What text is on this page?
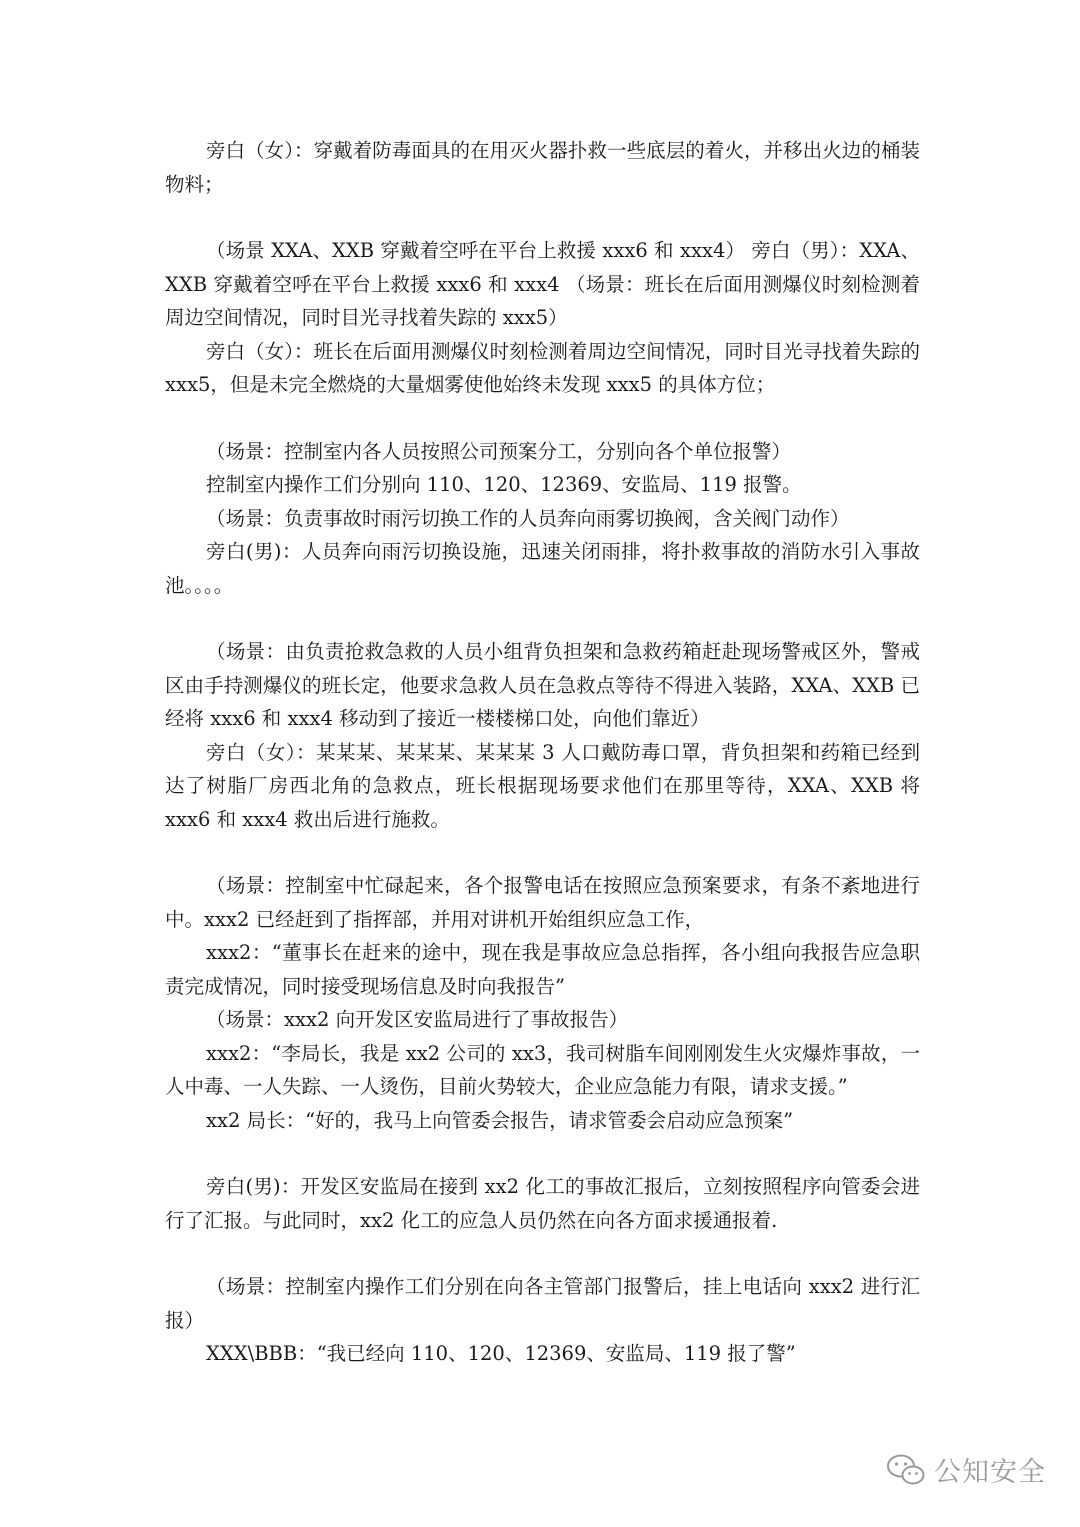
旁白（女）：穿戴着防毒面具的在用灭火器扑救一些底层的着火，并移出火边的桶装物料；

（场景 XXA、XXB 穿戴着空呼在平台上救援 xxx6 和 xxx4） 旁白（男）：XXA、XXB 穿戴着空呼在平台上救援 xxx6 和 xxx4 （场景：班长在后面用测爆仪时刻检测着周边空间情况，同时目光寻找着失踪的 xxx5）

旁白（女）：班长在后面用测爆仪时刻检测着周边空间情况，同时目光寻找着失踪的 xxx5，但是未完全燃烧的大量烟雾使他始终未发现 xxx5 的具体方位；

（场景：控制室内各人员按照公司预案分工，分别向各个单位报警）

控制室内操作工们分别向 110、120、12369、安监局、119 报警。

（场景：负责事故时雨污切换工作的人员奔向雨雾切换阀，含关阀门动作）

旁白(男)：人员奔向雨污切换设施，迅速关闭雨排，将扑救事故的消防水引入事故池。。。。

（场景：由负责抢救急救的人员小组背负担架和急救药箱赶赴现场警戒区外，警戒区由手持测爆仪的班长定，他要求急救人员在急救点等待不得进入装路，XXA、XXB 已经将 xxx6 和 xxx4 移动到了接近一楼楼梯口处，向他们靠近）

旁白（女）：某某某、某某某、某某某 3 人口戴防毒口罩，背负担架和药箱已经到达了树脂厂房西北角的急救点，班长根据现场要求他们在那里等待，XXA、XXB 将 xxx6 和 xxx4 救出后进行施救。

（场景：控制室中忙碌起来，各个报警电话在按照应急预案要求，有条不紊地进行中。xxx2 已经赶到了指挥部，并用对讲机开始组织应急工作，

xxx2：“董事长在赶来的途中，现在我是事故应急总指挥，各小组向我报告应急职责完成情况，同时接受现场信息及时向我报告”

（场景：xxx2 向开发区安监局进行了事故报告）

xxx2：“李局长，我是 xx2 公司的 xx3，我司树脂车间刚刚发生火灾爆炸事故，一人中毒、一人失踪、一人烫伤，目前火势较大，企业应急能力有限，请求支援。”

xx2 局长：“好的，我马上向管委会报告，请求管委会启动应急预案”

旁白(男)：开发区安监局在接到 xx2 化工的事故汇报后，立刻按照程序向管委会进行了汇报。与此同时，xx2 化工的应急人员仍然在向各方面求援通报着.

（场景：控制室内操作工们分别在向各主管部门报警后，挂上电话向 xxx2 进行汇报）

XXX\BBB：“我已经向 110、120、12369、安监局、119 报了警”

公知安全
